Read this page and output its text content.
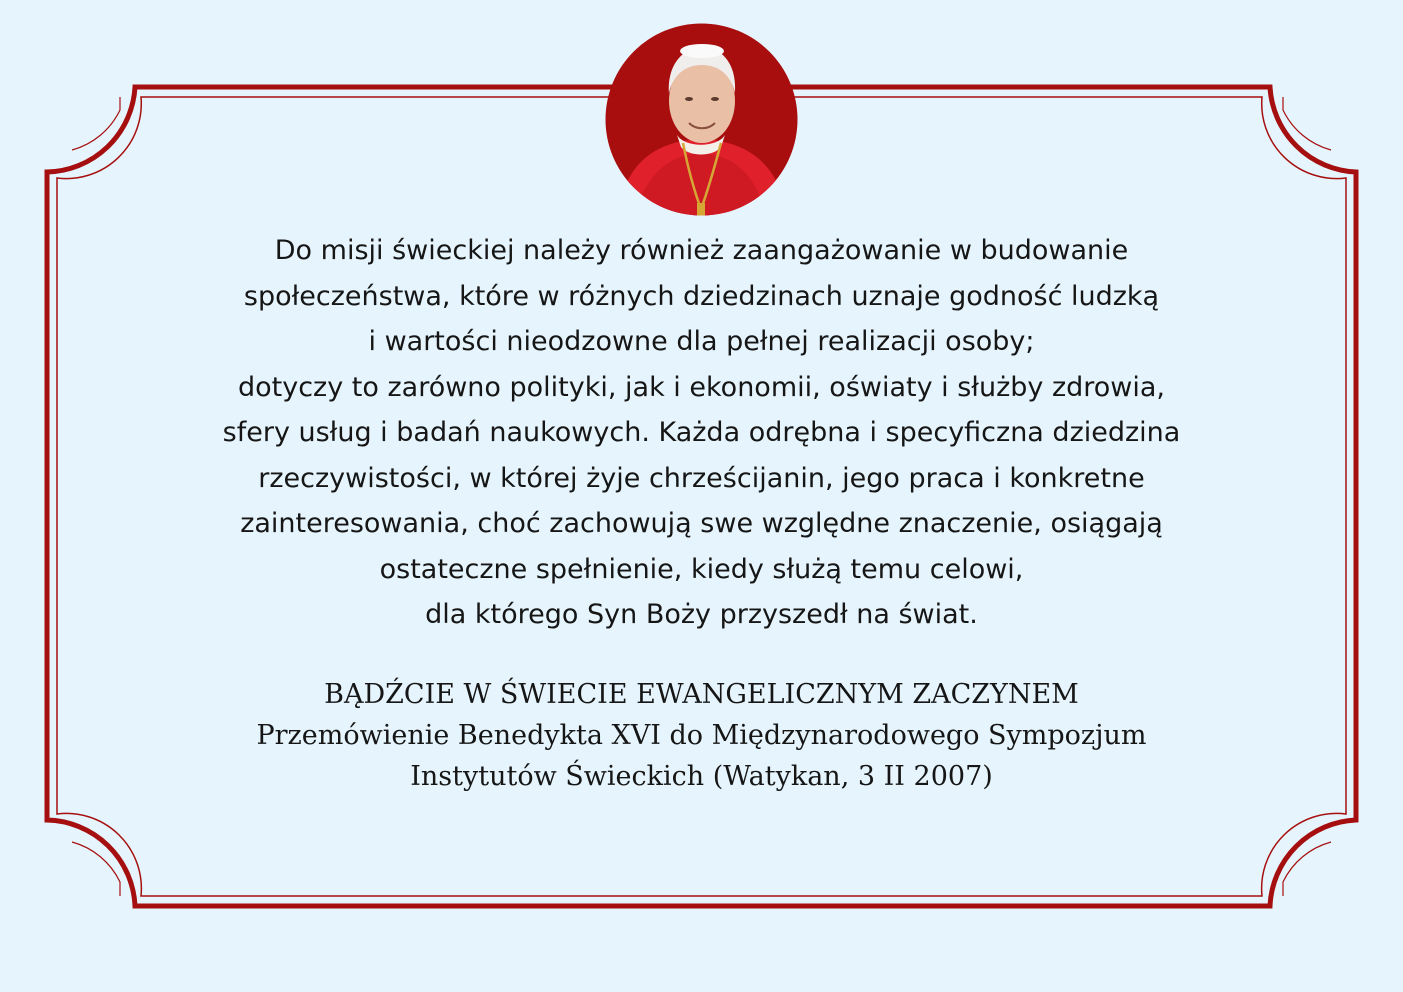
Do misji świeckiej należy również zaangażowanie w budowanie
społeczeństwa, które w różnych dziedzinach uznaje godność ludzką
i wartości nieodzowne dla pełnej realizacji osoby;
dotyczy to zarówno polityki, jak i ekonomii, oświaty i służby zdrowia,
sfery usług i badań naukowych. Każda odrębna i specyficzna dziedzina
rzeczywistości, w której żyje chrześcijanin, jego praca i konkretne
zainteresowania, choć zachowują swe względne znaczenie, osiągają
ostateczne spełnienie, kiedy służą temu celowi,
dla którego Syn Boży przyszedł na świat.
BĄDŹCIE W ŚWIECIE EWANGELICZNYM ZACZYNEM
Przemówienie Benedykta XVI do Międzynarodowego Sympozjum
Instytutów Świeckich (Watykan, 3 II 2007)
